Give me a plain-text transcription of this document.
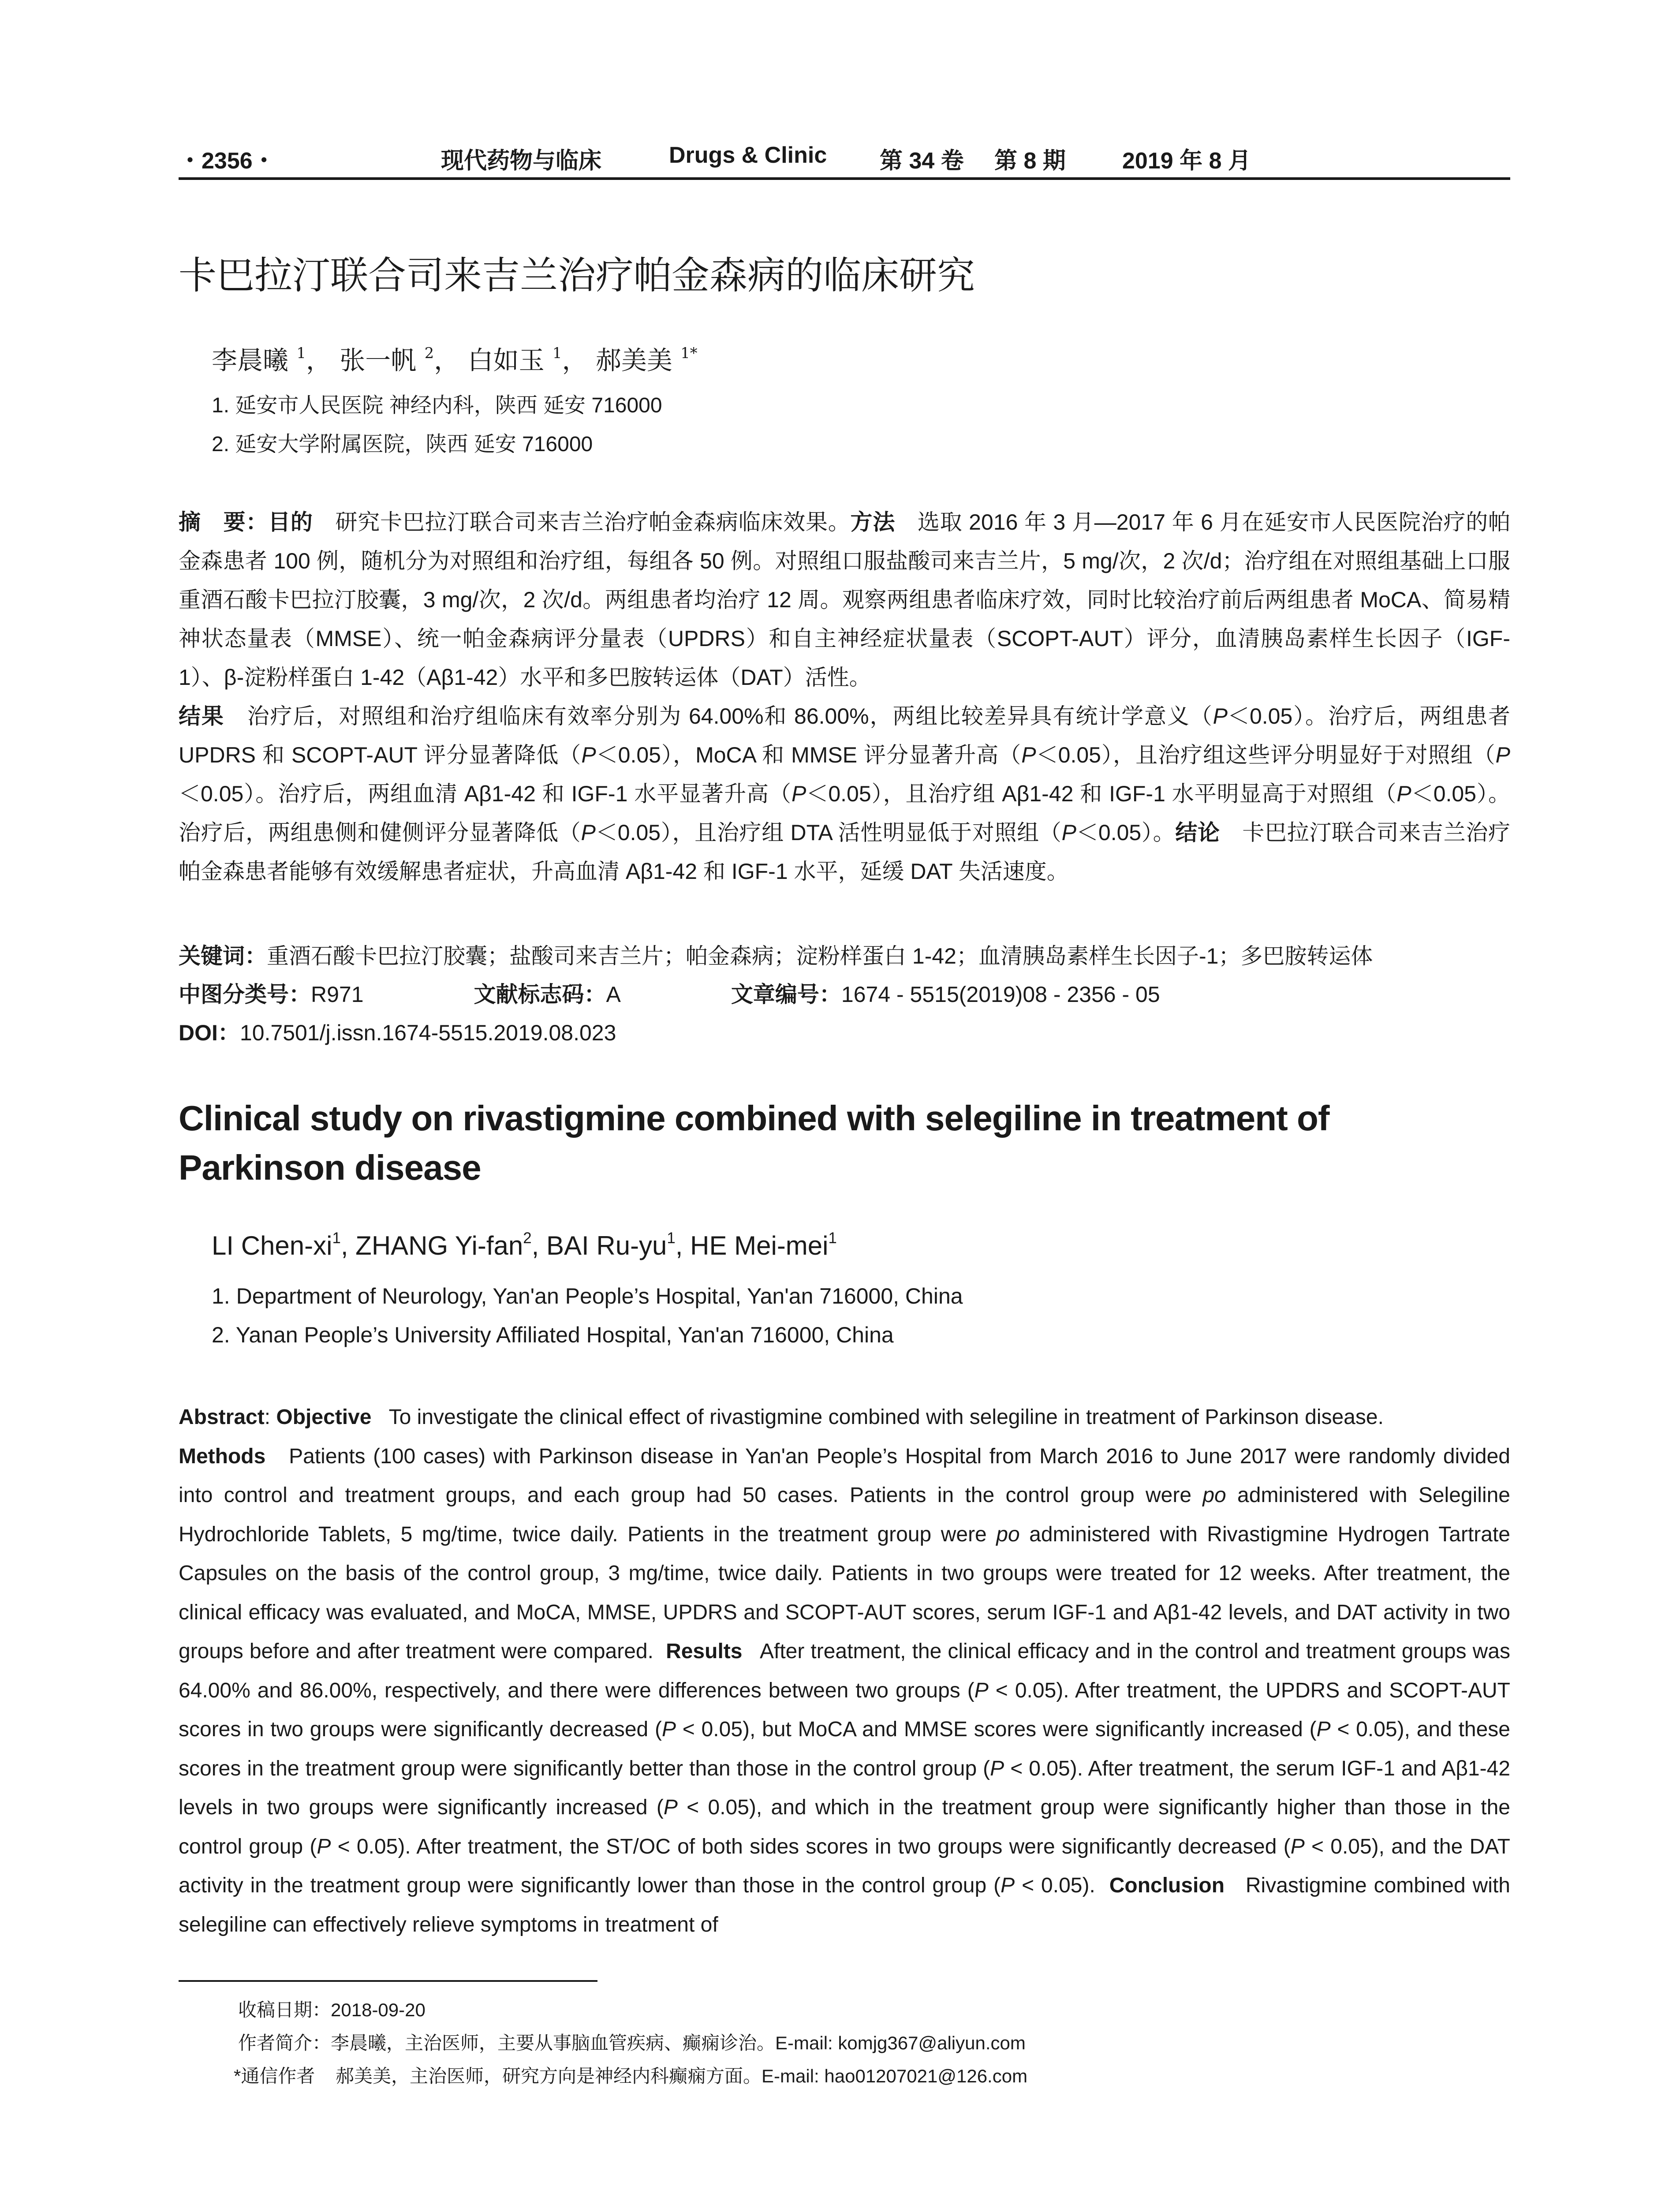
・2356・	现代药物与临床	Drugs & Clinic 第 34 卷 第 8 期 2019 年 8 月
卡巴拉汀联合司来吉兰治疗帕金森病的临床研究
李晨曦 $^1$， 张一帆 $^2$， 白如玉 $^1$， 郝美美 $^{1*}$
1. 延安市人民医院 神经内科，陕西 延安 716000
2. 延安大学附属医院，陕西 延安 716000
摘　要：目的　 研究卡巴拉汀联合司来吉兰治疗帕金森病临床效果。方法　 选取 2016 年 3 月—2017 年 6 月在延安市人民医院治疗的帕金森患者 100 例，随机分为对照组和治疗组，每组各 50 例。对照组口服盐酸司来吉兰片，5 mg/次，2 次/d；治疗组在对照组基础上口服重酒石酸卡巴拉汀胶囊，3 mg/次，2 次/d。两组患者均治疗 12 周。观察两组患者临床疗效，同时比较治疗前后两组患者 MoCA、简易精神状态量表（MMSE）、统一帕金森病评分量表（UPDRS）和自主神经症状量表（SCOPT-AUT）评分，血清胰岛素样生长因子（IGF-1）、β-淀粉样蛋白 1-42（Aβ1-42）水平和多巴胺转运体（DAT）活性。
结果　 治疗后，对照组和治疗组临床有效率分别为 64.00%和 86.00%，两组比较差异具有统计学意义（P＜0.05）。治疗后，两组患者 UPDRS 和 SCOPT-AUT 评分显著降低（P＜0.05），MoCA 和 MMSE 评分显著升高（P＜0.05），且治疗组这些评分明显好于对照组（P＜0.05）。治疗后，两组血清 Aβ1-42 和 IGF-1 水平显著升高（P＜0.05），且治疗组 Aβ1-42 和 IGF-1 水平明显高于对照组（P＜0.05）。治疗后，两组患侧和健侧评分显著降低（P＜0.05），且治疗组 DTA 活性明显低于对照组（P＜0.05）。结论　 卡巴拉汀联合司来吉兰治疗帕金森患者能够有效缓解患者症状，升高血清 Aβ1-42 和 IGF-1 水平，延缓 DAT 失活速度。
关键词：重酒石酸卡巴拉汀胶囊；盐酸司来吉兰片；帕金森病；淀粉样蛋白 1-42；血清胰岛素样生长因子-1；多巴胺转运体
中图分类号：R971	文献标志码：A	文章编号：1674 - 5515(2019)08 - 2356 - 05
DOI：10.7501/j.issn.1674-5515.2019.08.023
Clinical study on rivastigmine combined with selegiline in treatment of Parkinson disease
LI Chen-$xi^1$, ZHANG Yi-fan$^2$, BAI $Ru-yu^1$, HE Mei-mei$^1$
1. Department of Neurology, Yan'an People’s Hospital, Yan'an 716000, China
2. Yanan People’s University Affiliated Hospital, Yan'an 716000, China
Abstract: Objective To investigate the clinical effect of rivastigmine combined with selegiline in treatment of Parkinson disease.
Methods Patients (100 cases) with Parkinson disease in Yan'an People’s Hospital from March 2016 to June 2017 were randomly divided into control and treatment groups, and each group had 50 cases. Patients in the control group were po administered with Selegiline Hydrochloride Tablets, 5 mg/time, twice daily. Patients in the treatment group were po administered with Rivastigmine Hydrogen Tartrate Capsules on the basis of the control group, 3 mg/time, twice daily. Patients in two groups were treated for 12 weeks. After treatment, the clinical efficacy was evaluated, and MoCA, MMSE, UPDRS and SCOPT-AUT scores, serum IGF-1 and Aβ1-42 levels, and DAT activity in two groups before and after treatment were compared. Results After treatment, the clinical efficacy and in the control and treatment groups was 64.00% and 86.00%, respectively, and there were differences between two groups (P < 0.05). After treatment, the UPDRS and SCOPT-AUT scores in two groups were significantly decreased (P < 0.05), but MoCA and MMSE scores were significantly increased (P < 0.05), and these scores in the treatment group were significantly better than those in the control group (P < 0.05). After treatment, the serum IGF-1 and Aβ1-42 levels in two groups were significantly increased (P < 0.05), and which in the treatment group were significantly higher than those in the control group (P < 0.05). After treatment, the ST/OC of both sides scores in two groups were significantly decreased (P < 0.05), and the DAT activity in the treatment group were significantly lower than those in the control group (P < 0.05). Conclusion Rivastigmine combined with selegiline can effectively relieve symptoms in treatment of
收稿日期：2018-09-20
作者简介：李晨曦，主治医师，主要从事脑血管疾病、癫痫诊治。E-mail: komjg367@aliyun.com
*通信作者 郝美美，主治医师，研究方向是神经内科癫痫方面。E-mail: hao01207021@126.com
